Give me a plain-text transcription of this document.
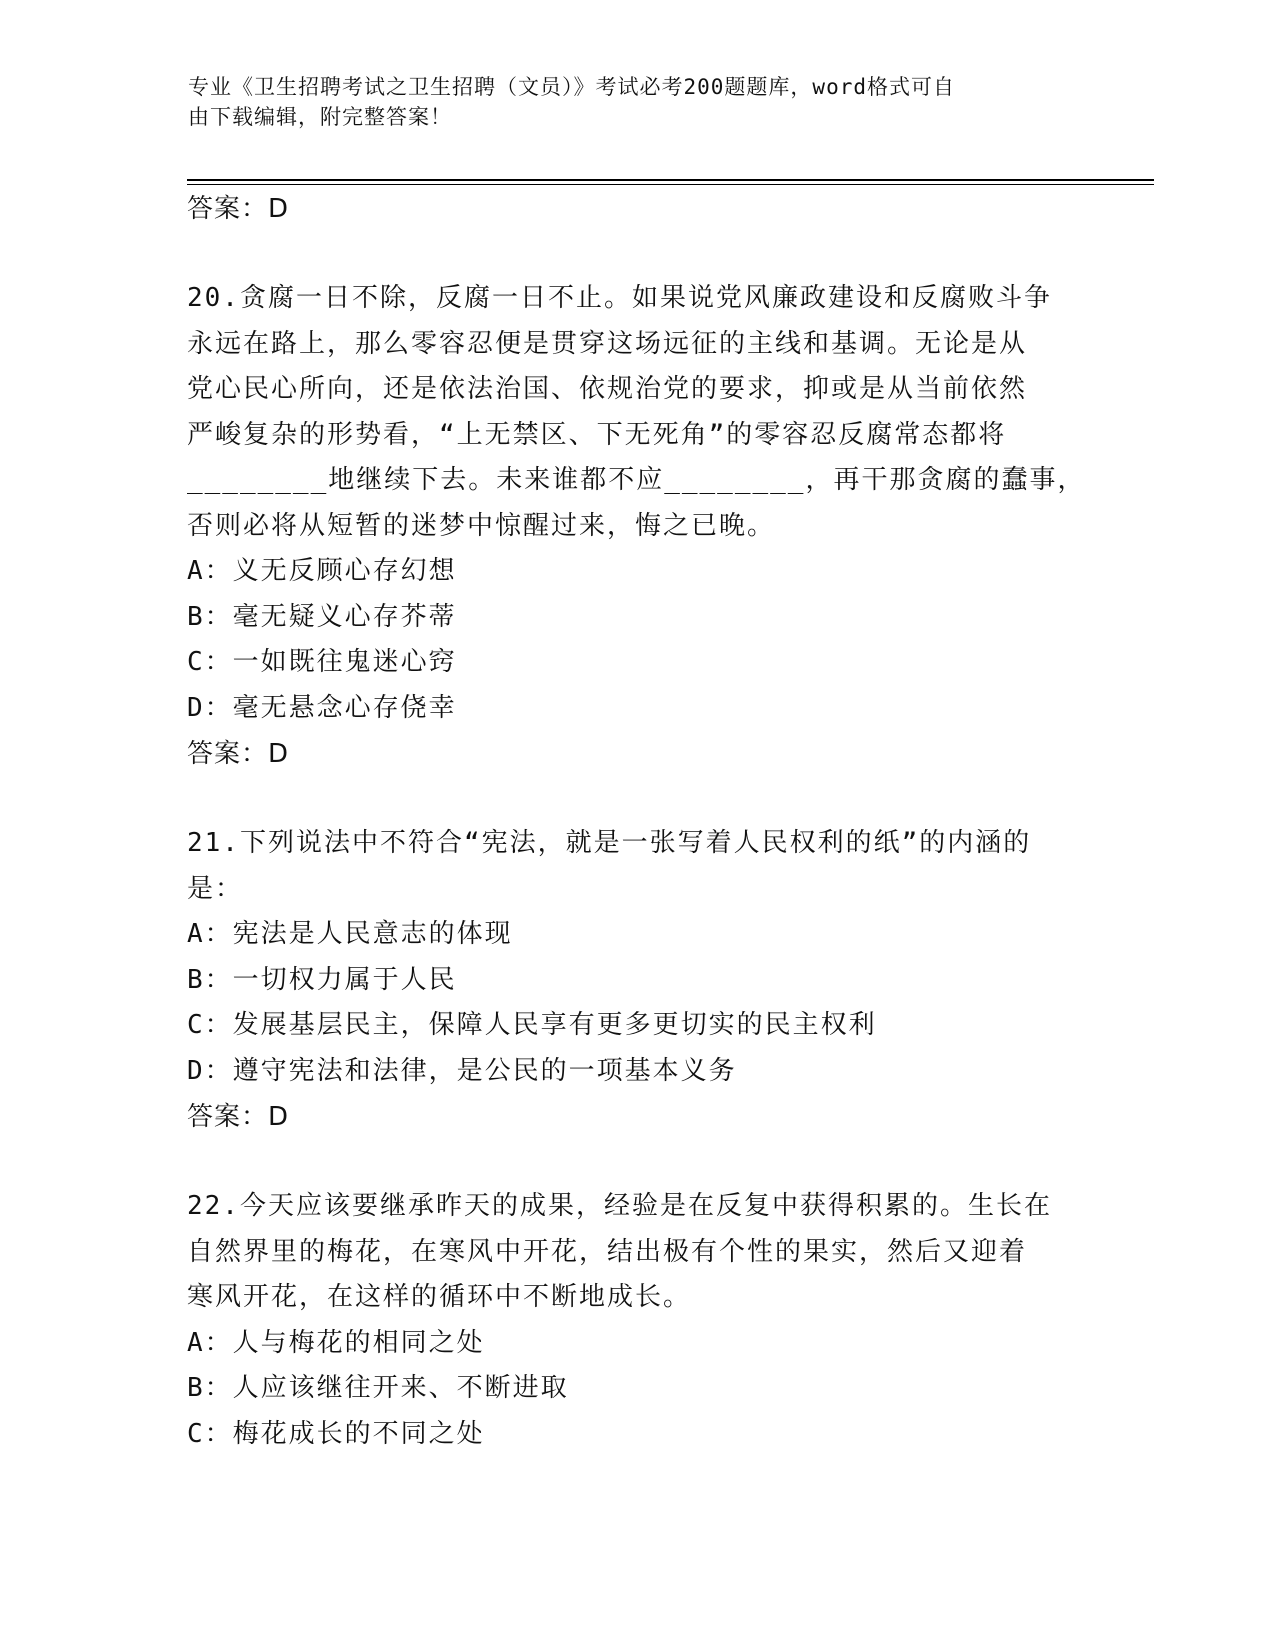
专业《卫生招聘考试之卫生招聘（文员）》考试必考200题题库，word格式可自
由下载编辑，附完整答案！
答案：D
20.贪腐一日不除，反腐一日不止。如果说党风廉政建设和反腐败斗争
永远在路上，那么零容忍便是贯穿这场远征的主线和基调。无论是从
党心民心所向，还是依法治国、依规治党的要求，抑或是从当前依然
严峻复杂的形势看，“上无禁区、下无死角”的零容忍反腐常态都将
________地继续下去。未来谁都不应________，再干那贪腐的蠢事，
否则必将从短暂的迷梦中惊醒过来，悔之已晚。
A：义无反顾心存幻想
B：毫无疑义心存芥蒂
C：一如既往鬼迷心窍
D：毫无悬念心存侥幸
答案：D
21.下列说法中不符合“宪法，就是一张写着人民权利的纸”的内涵的
是：
A：宪法是人民意志的体现
B：一切权力属于人民
C：发展基层民主，保障人民享有更多更切实的民主权利
D：遵守宪法和法律，是公民的一项基本义务
答案：D
22.今天应该要继承昨天的成果，经验是在反复中获得积累的。生长在
自然界里的梅花，在寒风中开花，结出极有个性的果实，然后又迎着
寒风开花，在这样的循环中不断地成长。
A：人与梅花的相同之处
B：人应该继往开来、不断进取
C：梅花成长的不同之处
